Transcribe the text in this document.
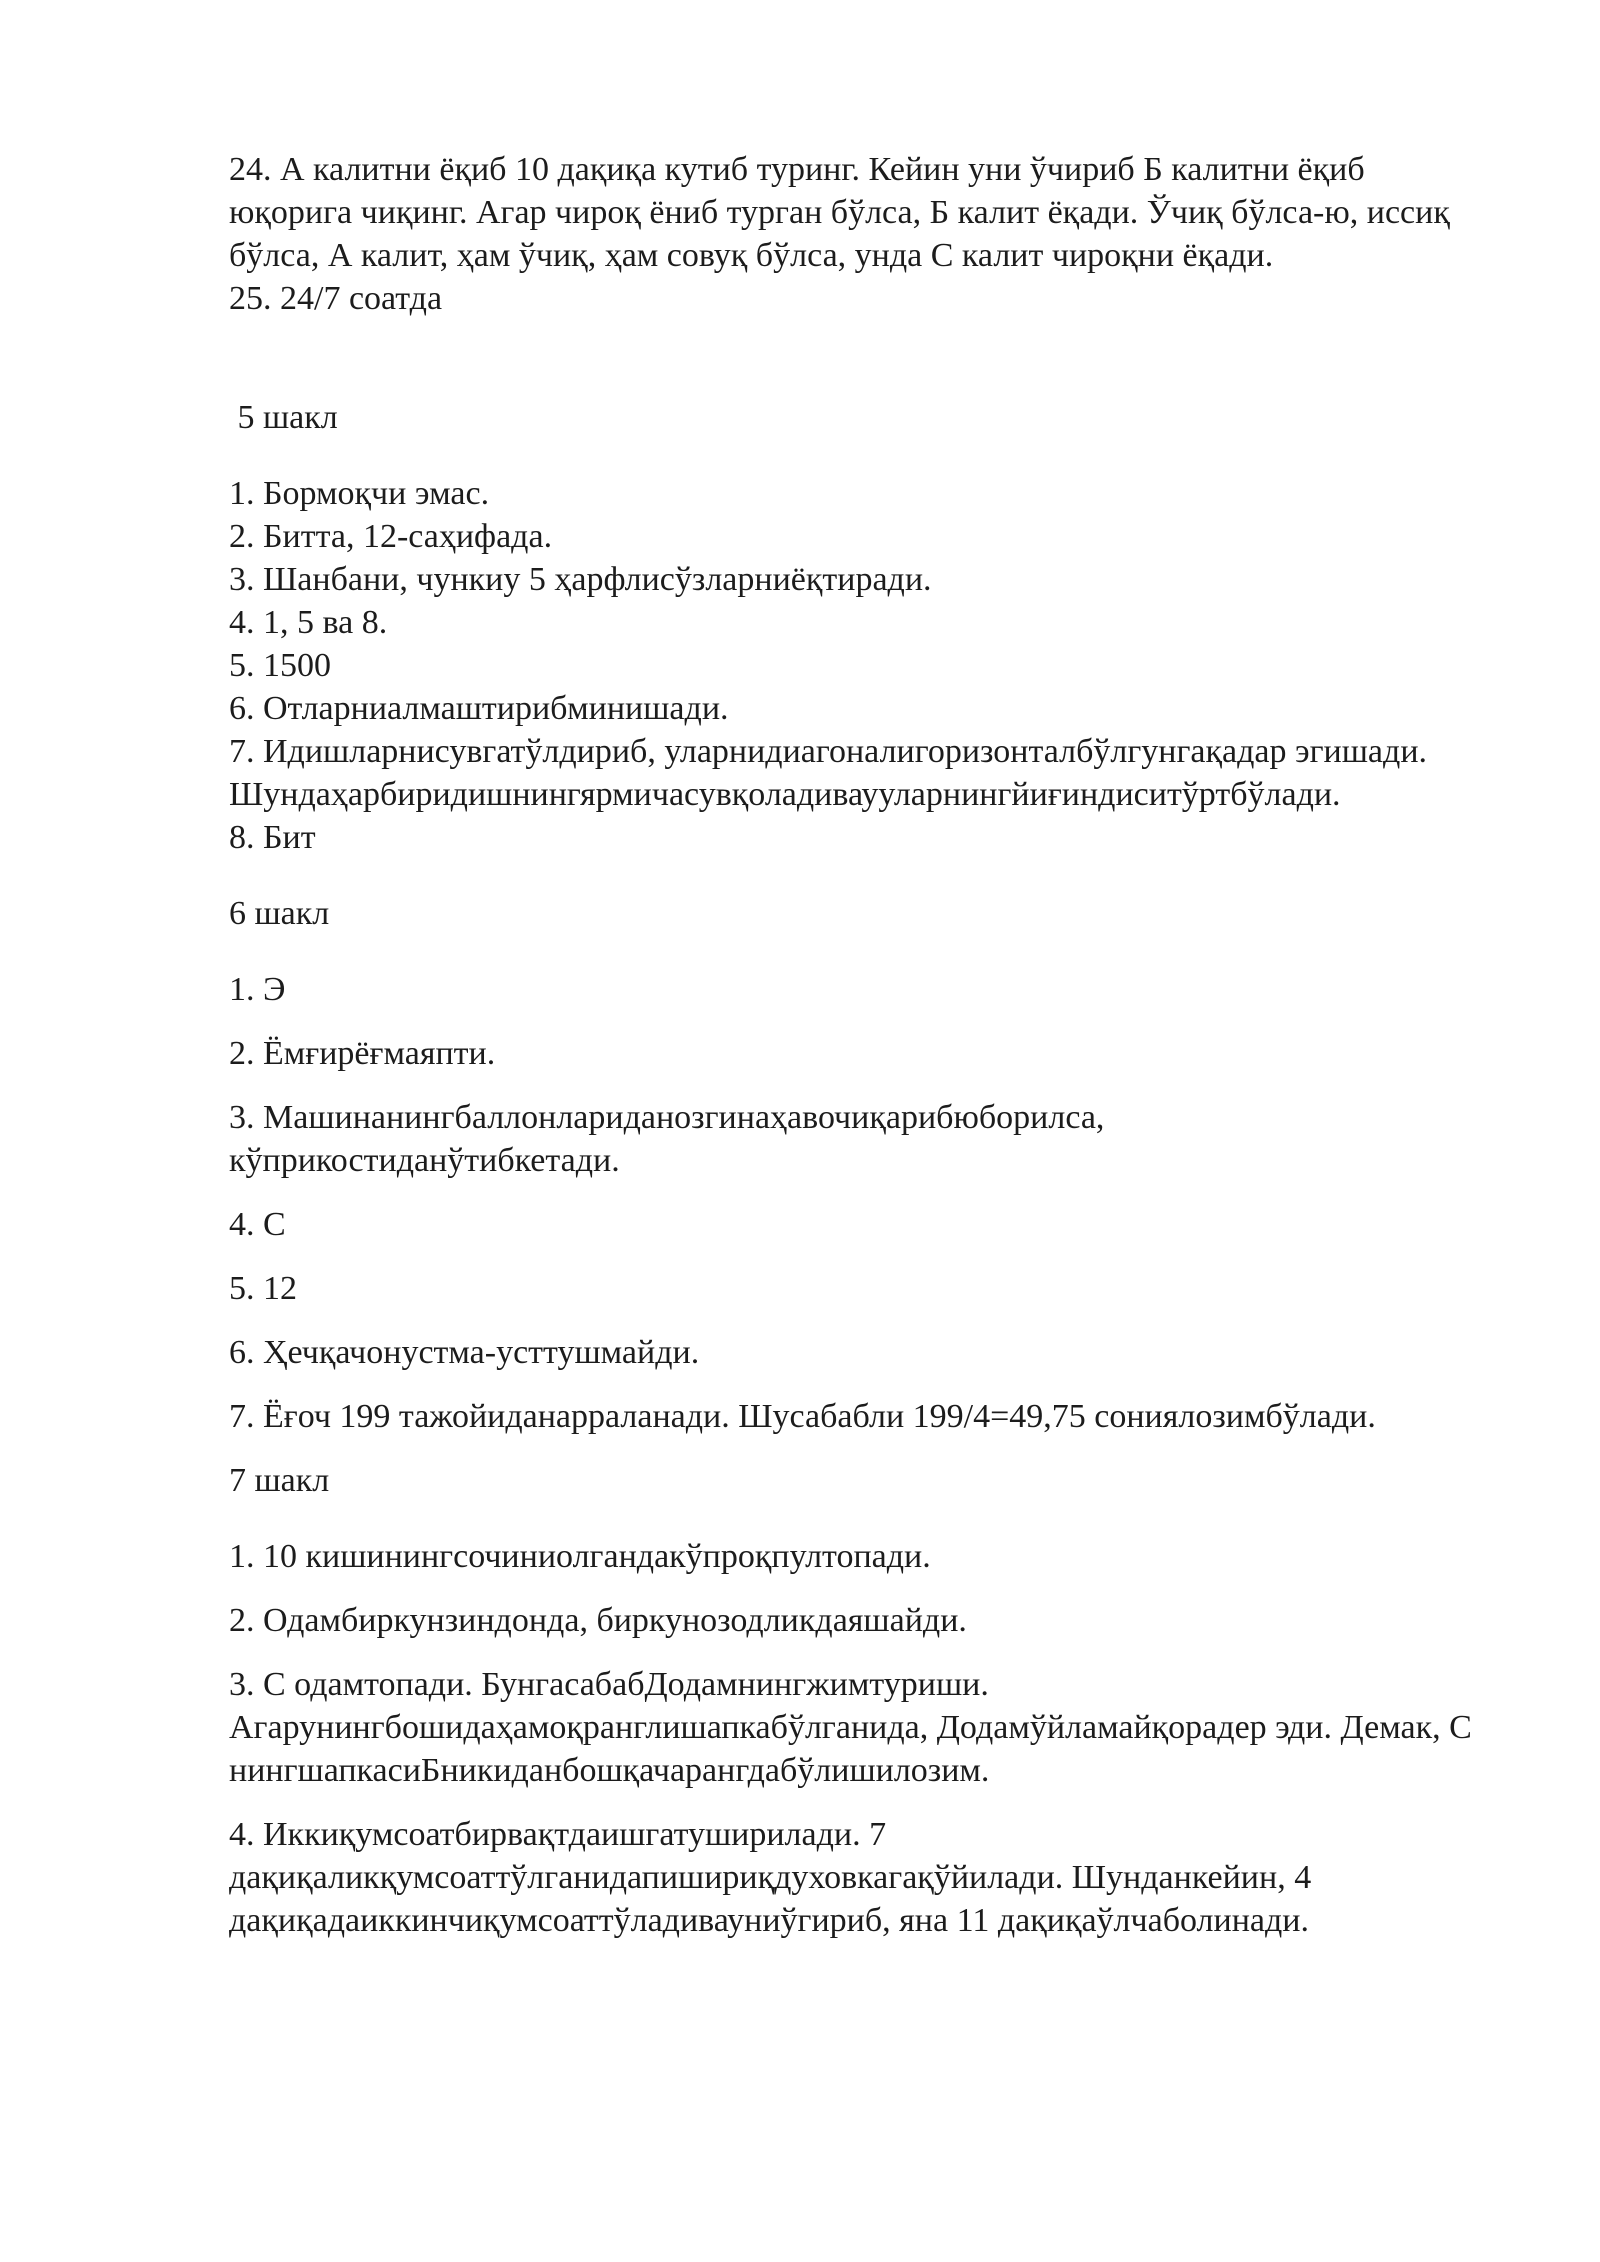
24. А калитни ёқиб 10 дақиқа кутиб туринг. Кейин уни ўчириб Б калитни ёқиб юқорига чиқинг. Агар чироқ ёниб турган бўлса, Б калит ёқади. Ўчиқ бўлса-ю, иссиқ бўлса, А калит, ҳам ўчиқ, ҳам совуқ бўлса, унда С калит чироқни ёқади.

25. 24/7 соатда

5 шакл

1. Бормоқчи эмас.

2. Битта, 12-саҳифада.

3. Шанбани, чункиу 5 ҳарфлисўзларниёқтиради.

4. 1, 5 ва 8.

5. 1500

6. Отларниалмаштирибминишади.

7. Идишларнисувгатўлдириб, уларнидиагоналигоризонталбўлгунгақадар эгишади.

Шундаҳарбиридишнингярмичасувқоладиваууларнингйиғиндиситўртбўлади.

8. Бит

6 шакл

1. Э

2. Ёмғирёғмаяпти.

3. Машинанингбаллонлариданозгинаҳавочиқарибюборилса, кўприкостиданўтибкетади.

4. С

5. 12

6. Ҳечқачонустма-усттушмайди.

7. Ёғоч 199 тажойиданарраланади. Шусабабли 199/4=49,75 сониялозимбўлади.

7 шакл

1. 10 кишинингсочиниолгандакўпроқпултопади.

2. Одамбиркунзиндонда, биркунозодликдаяшайди.

3. С одамтопади. БунгасабабДодамнингжимтуриши. Агарунингбошидаҳамоқранглишапкабўлганида, Додамўйламайқорадер эди. Демак, С нингшапкасиБникиданбошқачарангдабўлишилозим.

4. Иккиқумсоатбирвақтдаишгатуширилади. 7 дақиқаликқумсоаттўлганидапишириқдуховкагақўйилади. Шунданкейин, 4 дақиқадаиккинчиқумсоаттўладивауниўгириб, яна 11 дақиқаўлчаболинади.
